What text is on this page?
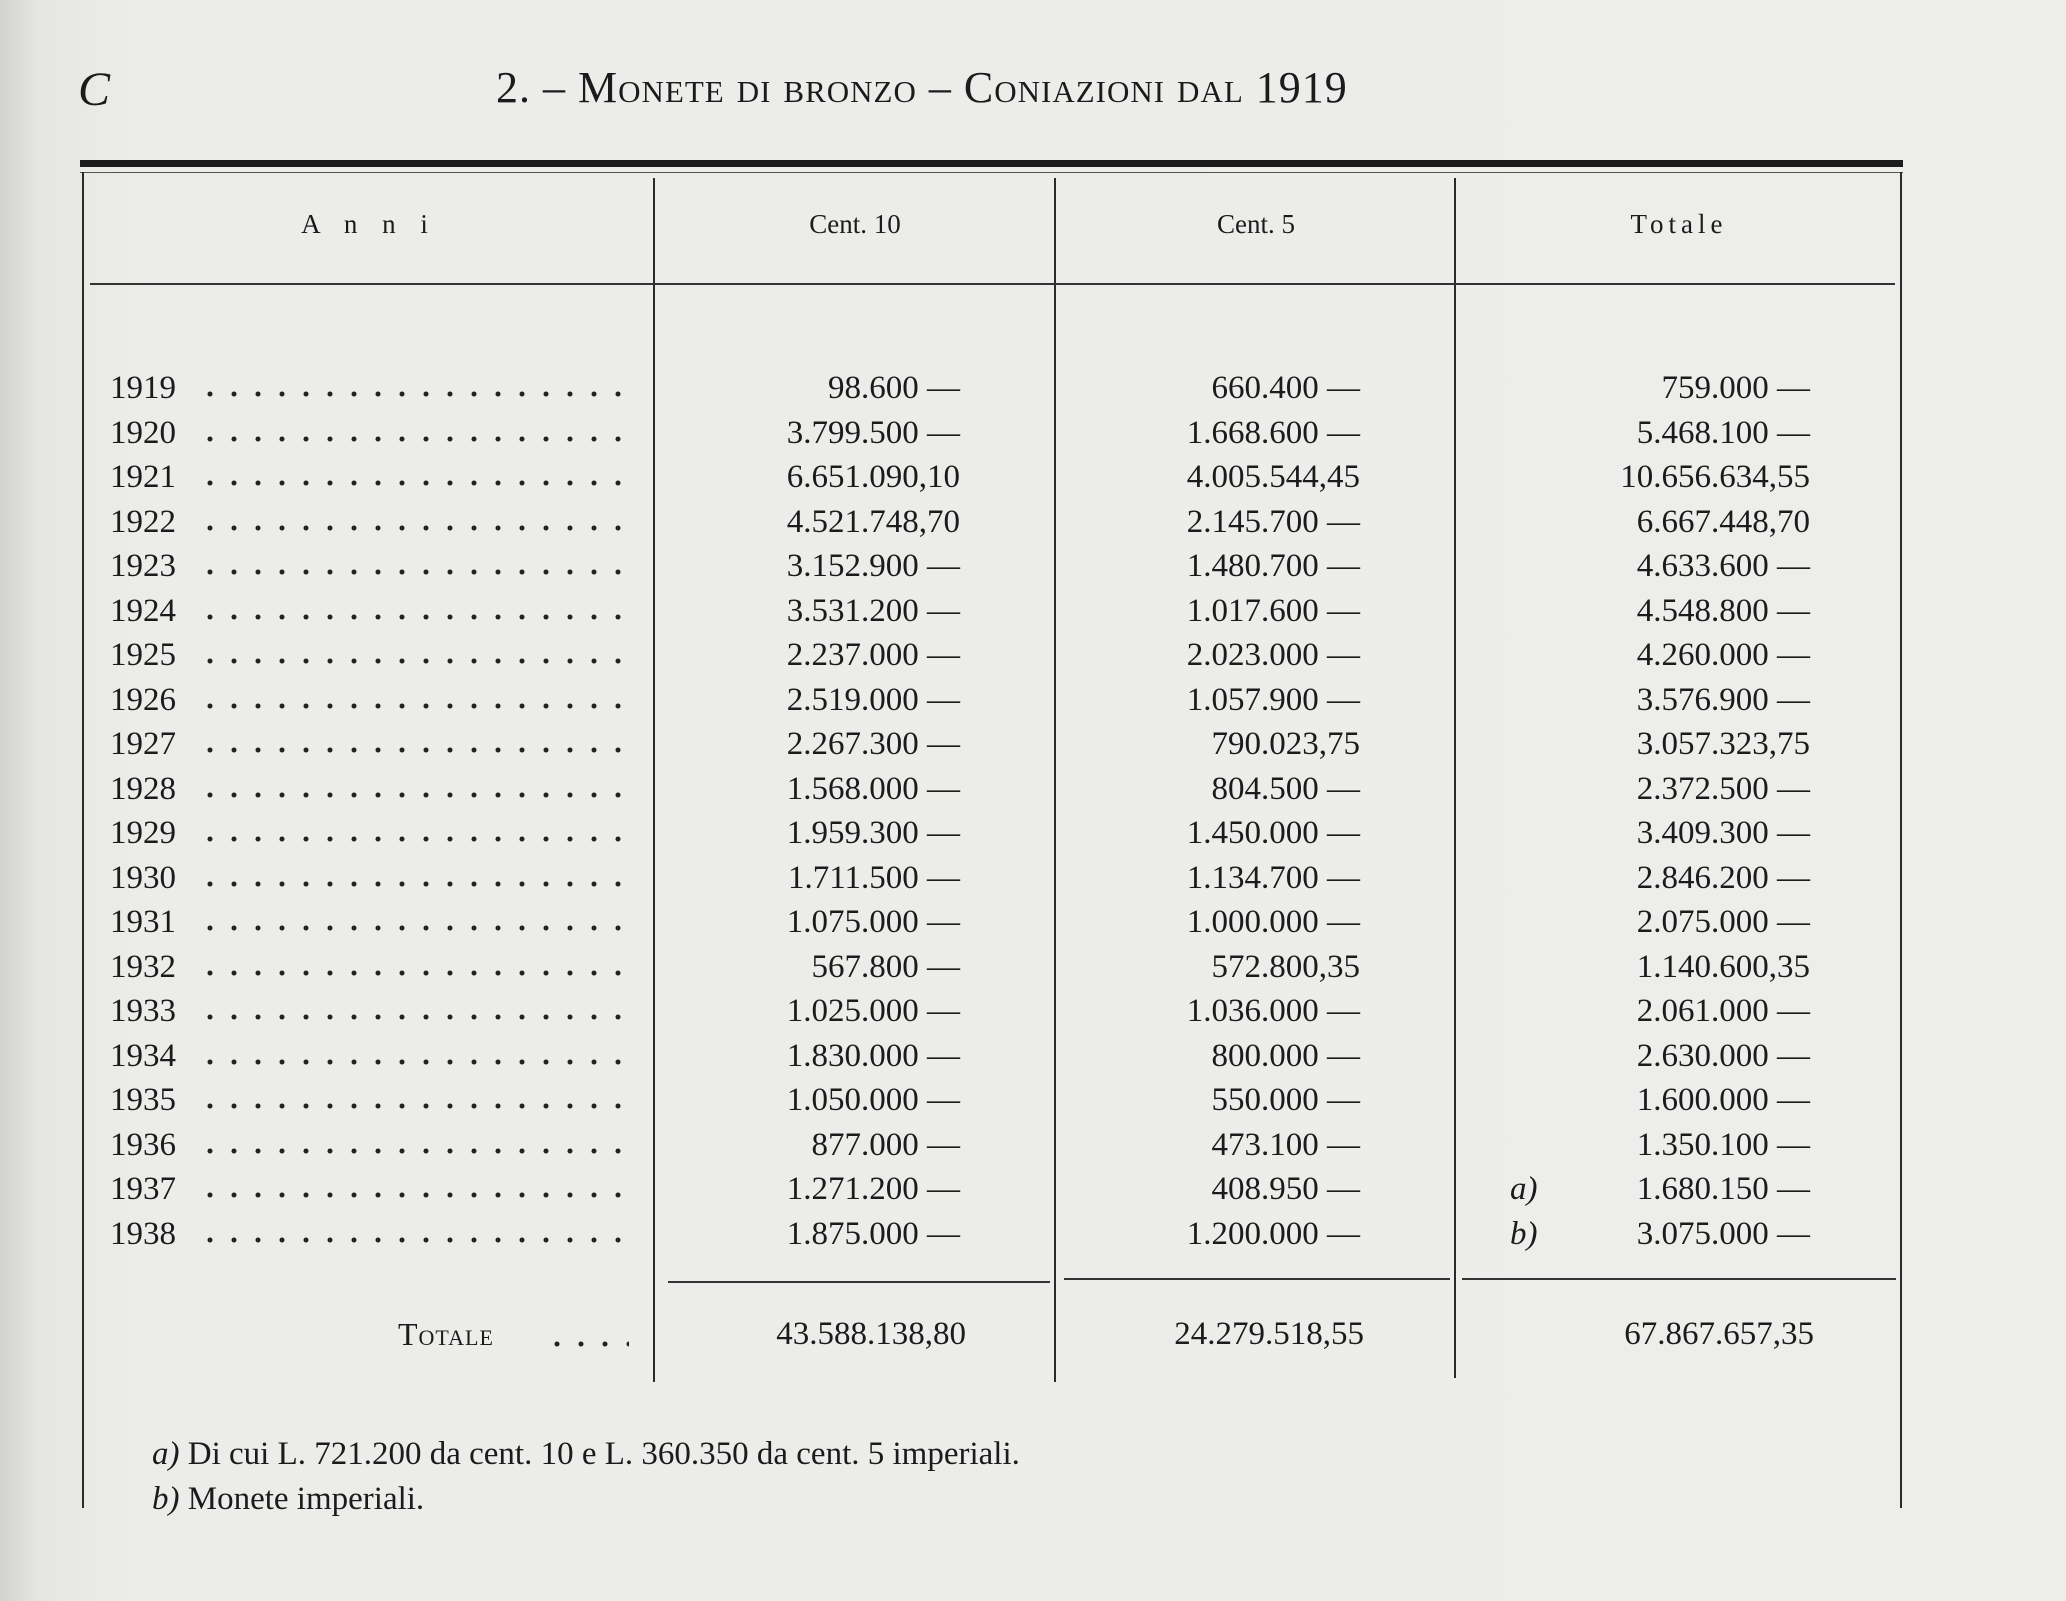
C	2. – Monete di bronzo – Coniazioni dal 1919
A n n i	Cent. 10	Cent. 5	Totale
1919	98.600 —	660.400 —	759.000 —
1920	3.799.500 —	1.668.600 —	5.468.100 —
1921	6.651.090,10	4.005.544,45	10.656.634,55
1922	4.521.748,70	2.145.700 —	6.667.448,70
1923	3.152.900 —	1.480.700 —	4.633.600 —
1924	3.531.200 —	1.017.600 —	4.548.800 —
1925	2.237.000 —	2.023.000 —	4.260.000 —
1926	2.519.000 —	1.057.900 —	3.576.900 —
1927	2.267.300 —	790.023,75	3.057.323,75
1928	1.568.000 —	804.500 —	2.372.500 —
1929	1.959.300 —	1.450.000 —	3.409.300 —
1930	1.711.500 —	1.134.700 —	2.846.200 —
1931	1.075.000 —	1.000.000 —	2.075.000 —
1932	567.800 —	572.800,35	1.140.600,35
1933	1.025.000 —	1.036.000 —	2.061.000 —
1934	1.830.000 —	800.000 —	2.630.000 —
1935	1.050.000 —	550.000 —	1.600.000 —
1936	877.000 —	473.100 —	1.350.100 —
1937	1.271.200 —	408.950 —	a)	1.680.150 —
1938	1.875.000 —	1.200.000 —	b)	3.075.000 —
Totale	43.588.138,80	24.279.518,55	67.867.657,35
a) Di cui L. 721.200 da cent. 10 e L. 360.350 da cent. 5 imperiali.
b) Monete imperiali.
